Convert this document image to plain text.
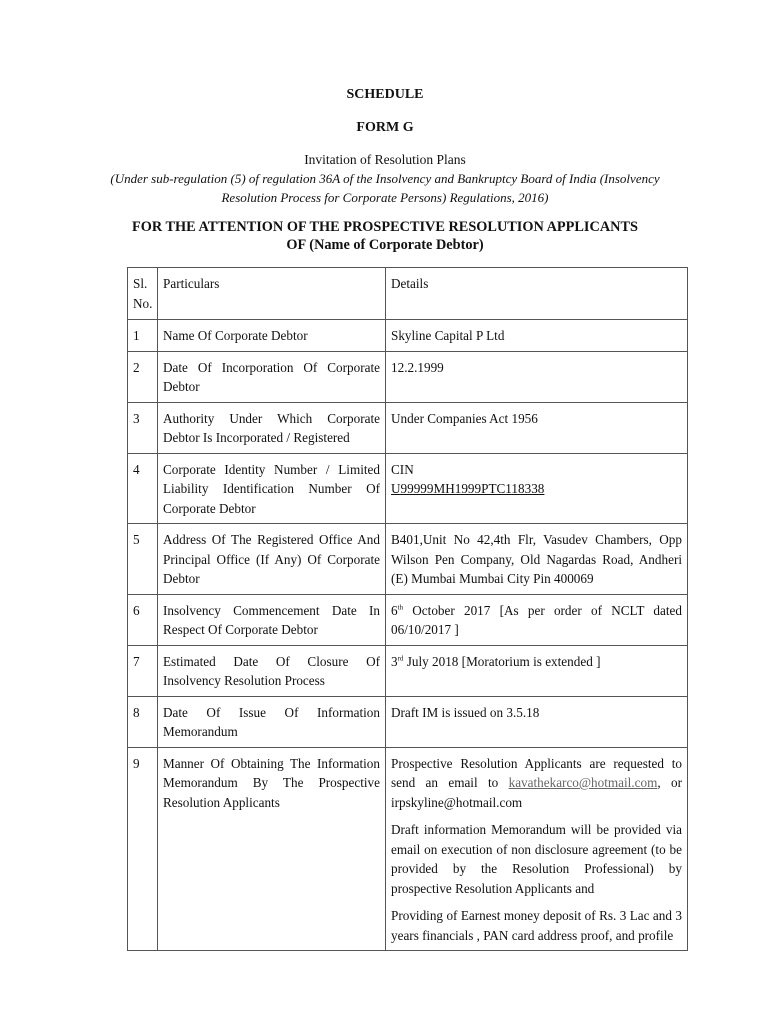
SCHEDULE
FORM G
Invitation of Resolution Plans
(Under sub-regulation (5) of regulation 36A of the Insolvency and Bankruptcy Board of India (Insolvency
Resolution Process for Corporate Persons) Regulations, 2016)
FOR THE ATTENTION OF THE PROSPECTIVE RESOLUTION APPLICANTS
OF (Name of Corporate Debtor)
Sl.
No.	Particulars	Details
1	Name Of Corporate Debtor	Skyline Capital P Ltd
2	Date Of Incorporation Of Corporate Debtor	12.2.1999
3	Authority Under Which Corporate Debtor Is Incorporated / Registered	Under Companies Act 1956
4	Corporate Identity Number / Limited Liability Identification Number Of Corporate Debtor	CIN
U99999MH1999PTC118338
5	Address Of The Registered Office And Principal Office (If Any) Of Corporate Debtor	B401,Unit No 42,4th Flr, Vasudev Chambers, Opp Wilson Pen Company, Old Nagardas Road, Andheri (E) Mumbai Mumbai City Pin 400069
6	Insolvency Commencement Date In Respect Of Corporate Debtor	6th October 2017 [As per order of NCLT dated 06/10/2017 ]
7	Estimated Date Of Closure Of Insolvency Resolution Process	3rd July 2018 [Moratorium is extended ]
8	Date Of Issue Of Information Memorandum	Draft IM is issued on 3.5.18
9	Manner Of Obtaining The Information Memorandum By The Prospective Resolution Applicants	Prospective Resolution Applicants are requested to send an email to kavathekarco@hotmail.com, or irpskyline@hotmail.com

Draft information Memorandum will be provided via email on execution of non disclosure agreement (to be provided by the Resolution Professional) by prospective Resolution Applicants and

Providing of Earnest money deposit of Rs. 3 Lac and 3 years financials , PAN card address proof, and profile
